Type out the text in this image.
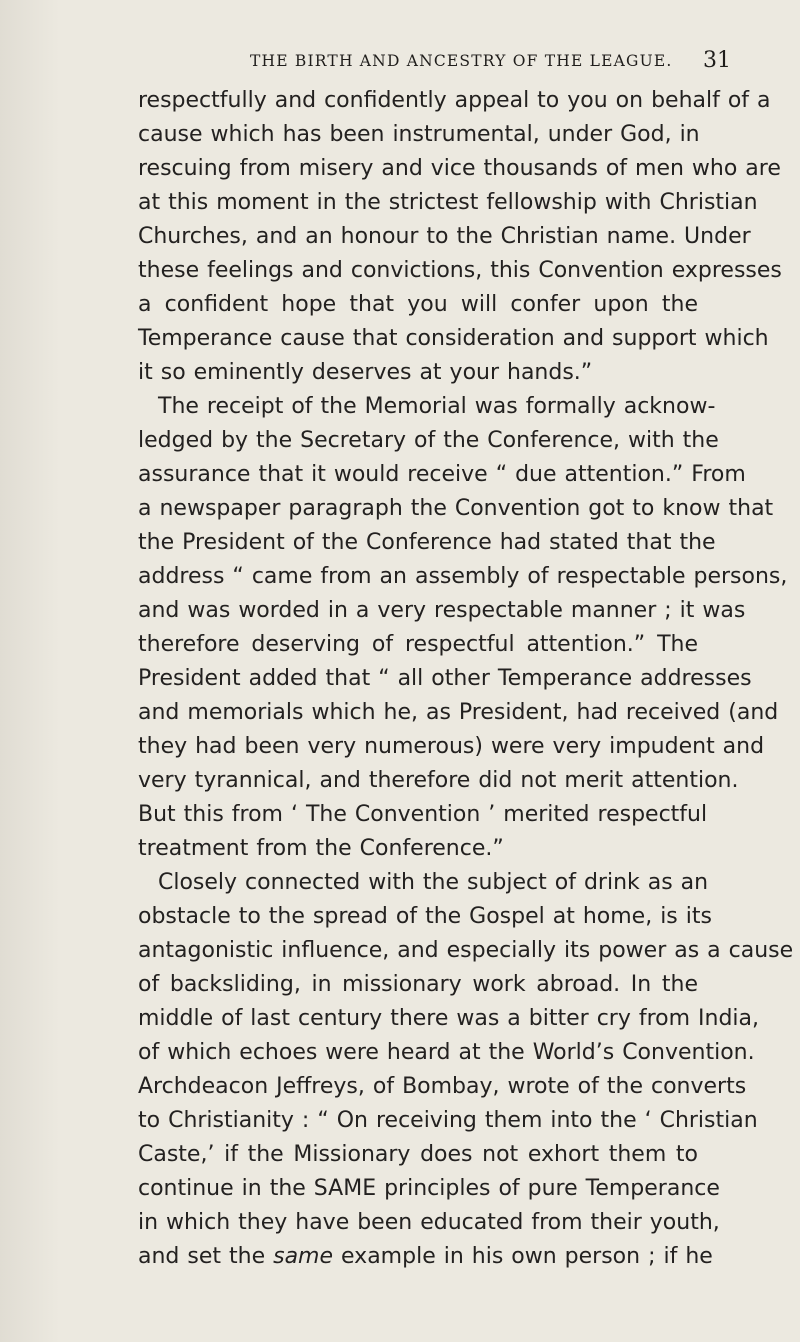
THE BIRTH AND ANCESTRY OF THE LEAGUE. 31
respectfully and confidently appeal to you on behalf of a
cause which has been instrumental, under God, in
rescuing from misery and vice thousands of men who are
at this moment in the strictest fellowship with Christian
Churches, and an honour to the Christian name. Under
these feelings and convictions, this Convention expresses
a confident hope that you will confer upon the
Temperance cause that consideration and support which
it so eminently deserves at your hands.”
The receipt of the Memorial was formally acknow-
ledged by the Secretary of the Conference, with the
assurance that it would receive “ due attention.” From
a newspaper paragraph the Convention got to know that
the President of the Conference had stated that the
address “ came from an assembly of respectable persons,
and was worded in a very respectable manner ; it was
therefore deserving of respectful attention.” The
President added that “ all other Temperance addresses
and memorials which he, as President, had received (and
they had been very numerous) were very impudent and
very tyrannical, and therefore did not merit attention.
But this from ‘ The Convention ’ merited respectful
treatment from the Conference.”
Closely connected with the subject of drink as an
obstacle to the spread of the Gospel at home, is its
antagonistic influence, and especially its power as a cause
of backsliding, in missionary work abroad. In the
middle of last century there was a bitter cry from India,
of which echoes were heard at the World’s Convention.
Archdeacon Jeffreys, of Bombay, wrote of the converts
to Christianity : “ On receiving them into the ‘ Christian
Caste,’ if the Missionary does not exhort them to
continue in the SAME principles of pure Temperance
in which they have been educated from their youth,
and set the same example in his own person ; if he
